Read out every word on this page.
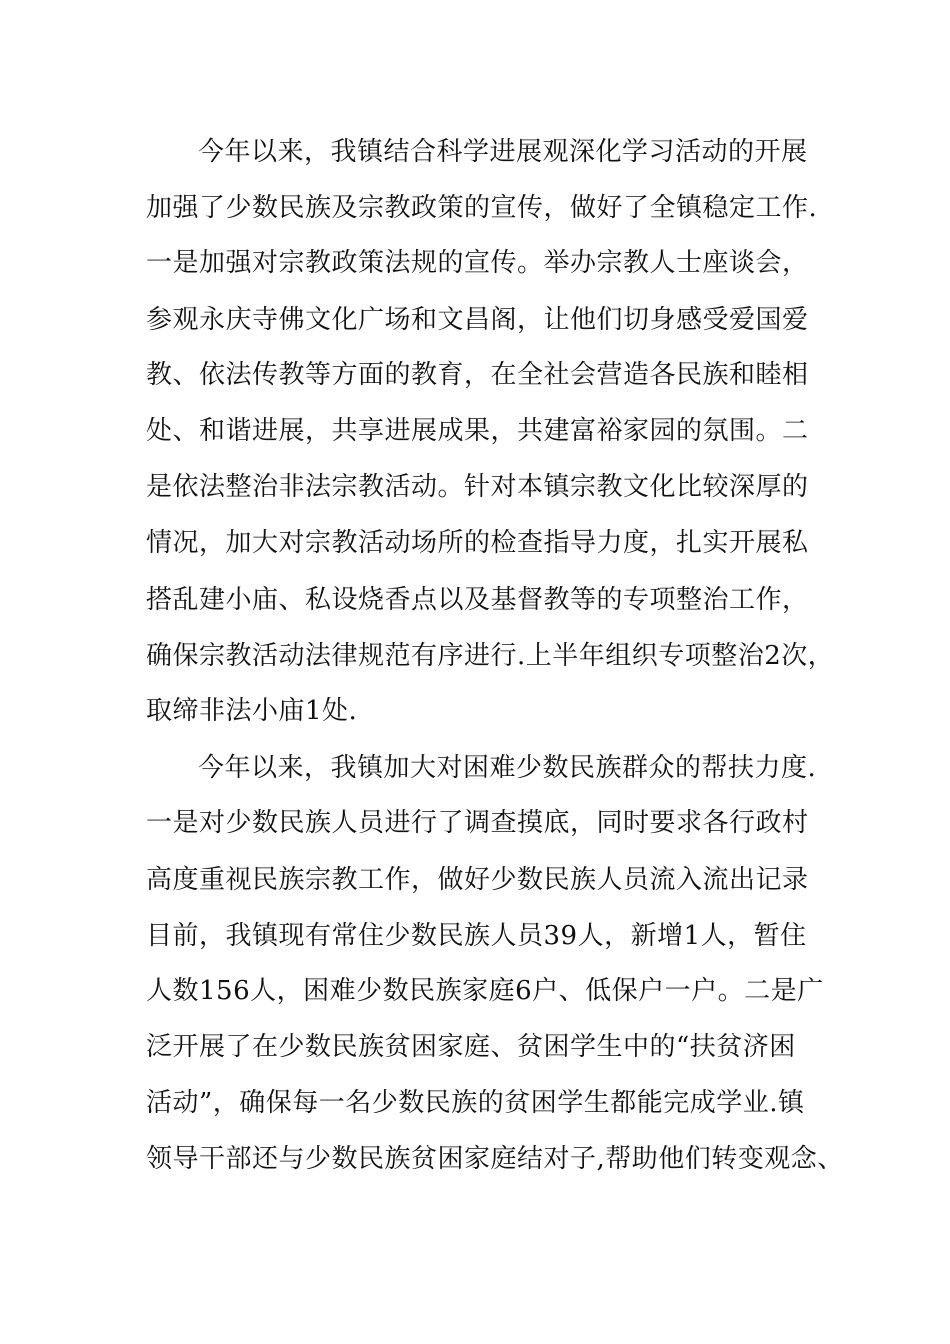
今年以来，我镇结合科学进展观深化学习活动的开展
加强了少数民族及宗教政策的宣传，做好了全镇稳定工作.
一是加强对宗教政策法规的宣传。举办宗教人士座谈会，
参观永庆寺佛文化广场和文昌阁，让他们切身感受爱国爱
教、依法传教等方面的教育，在全社会营造各民族和睦相
处、和谐进展，共享进展成果，共建富裕家园的氛围。二
是依法整治非法宗教活动。针对本镇宗教文化比较深厚的
情况，加大对宗教活动场所的检查指导力度，扎实开展私
搭乱建小庙、私设烧香点以及基督教等的专项整治工作，
确保宗教活动法律规范有序进行.上半年组织专项整治2次，
取缔非法小庙1处.
今年以来，我镇加大对困难少数民族群众的帮扶力度.
一是对少数民族人员进行了调查摸底，同时要求各行政村
高度重视民族宗教工作，做好少数民族人员流入流出记录
目前，我镇现有常住少数民族人员39人，新增1人，暂住
人数156人，困难少数民族家庭6户、低保户一户。二是广
泛开展了在少数民族贫困家庭、贫困学生中的“扶贫济困
活动”，确保每一名少数民族的贫困学生都能完成学业.镇
领导干部还与少数民族贫困家庭结对子,帮助他们转变观念、
